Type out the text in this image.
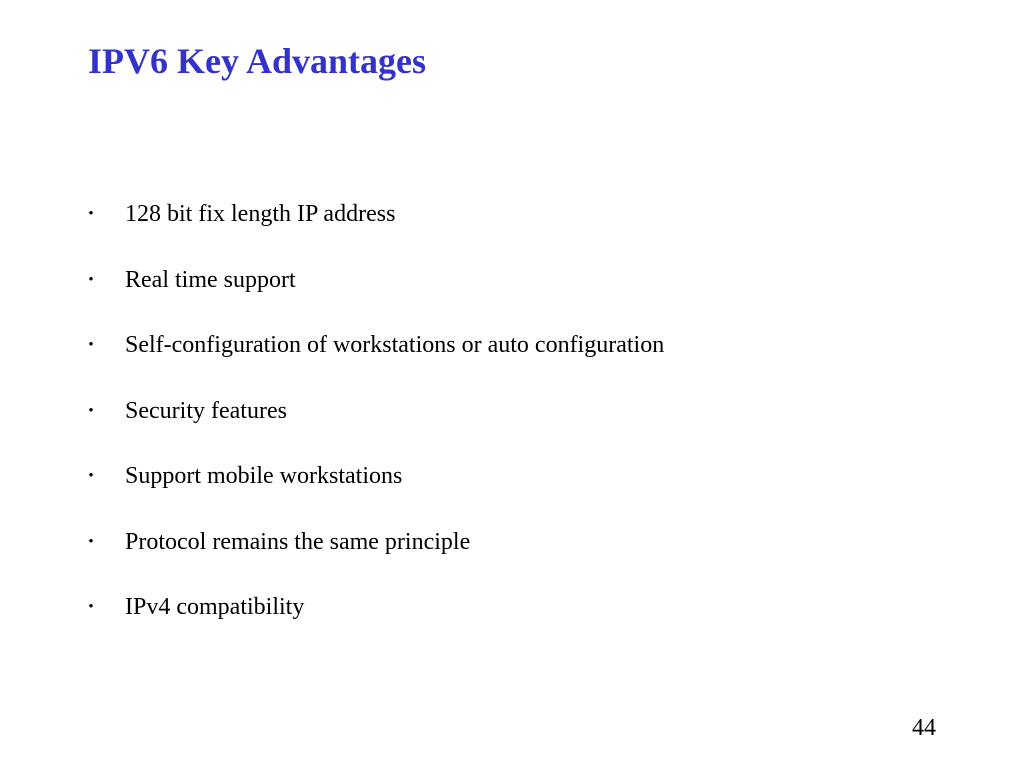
IPV6 Key Advantages
• 128 bit fix length IP address
• Real time support
• Self-configuration of workstations or auto configuration
• Security features
• Support mobile workstations
• Protocol remains the same principle
• IPv4 compatibility
44
